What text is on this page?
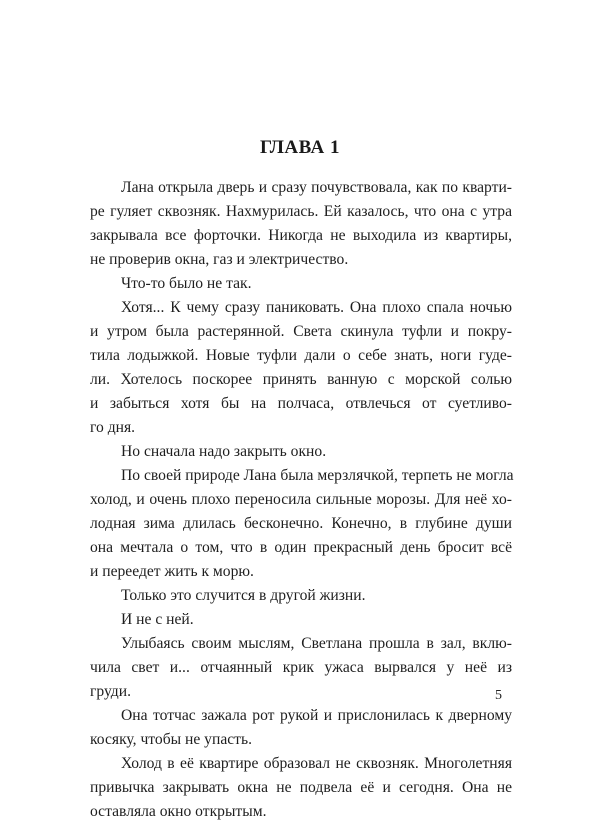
ГЛАВА 1
Лана открыла дверь и сразу почувствовала, как по кварти-
ре гуляет сквозняк. Нахмурилась. Ей казалось, что она с утра
закрывала все форточки. Никогда не выходила из квартиры,
не проверив окна, газ и электричество.
Что-то было не так.
Хотя... К чему сразу паниковать. Она плохо спала ночью
и утром была растерянной. Света скинула туфли и покру-
тила лодыжкой. Новые туфли дали о себе знать, ноги гуде-
ли. Хотелось поскорее принять ванную с морской солью
и забыться хотя бы на полчаса, отвлечься от суетливо-
го дня.
Но сначала надо закрыть окно.
По своей природе Лана была мерзлячкой, терпеть не могла
холод, и очень плохо переносила сильные морозы. Для неё хо-
лодная зима длилась бесконечно. Конечно, в глубине души
она мечтала о том, что в один прекрасный день бросит всё
и переедет жить к морю.
Только это случится в другой жизни.
И не с ней.
Улыбаясь своим мыслям, Светлана прошла в зал, вклю-
чила свет и... отчаянный крик ужаса вырвался у неё из
груди.
Она тотчас зажала рот рукой и прислонилась к дверному
косяку, чтобы не упасть.
Холод в её квартире образовал не сквозняк. Многолетняя
привычка закрывать окна не подвела её и сегодня. Она не
оставляла окно открытым.
5
